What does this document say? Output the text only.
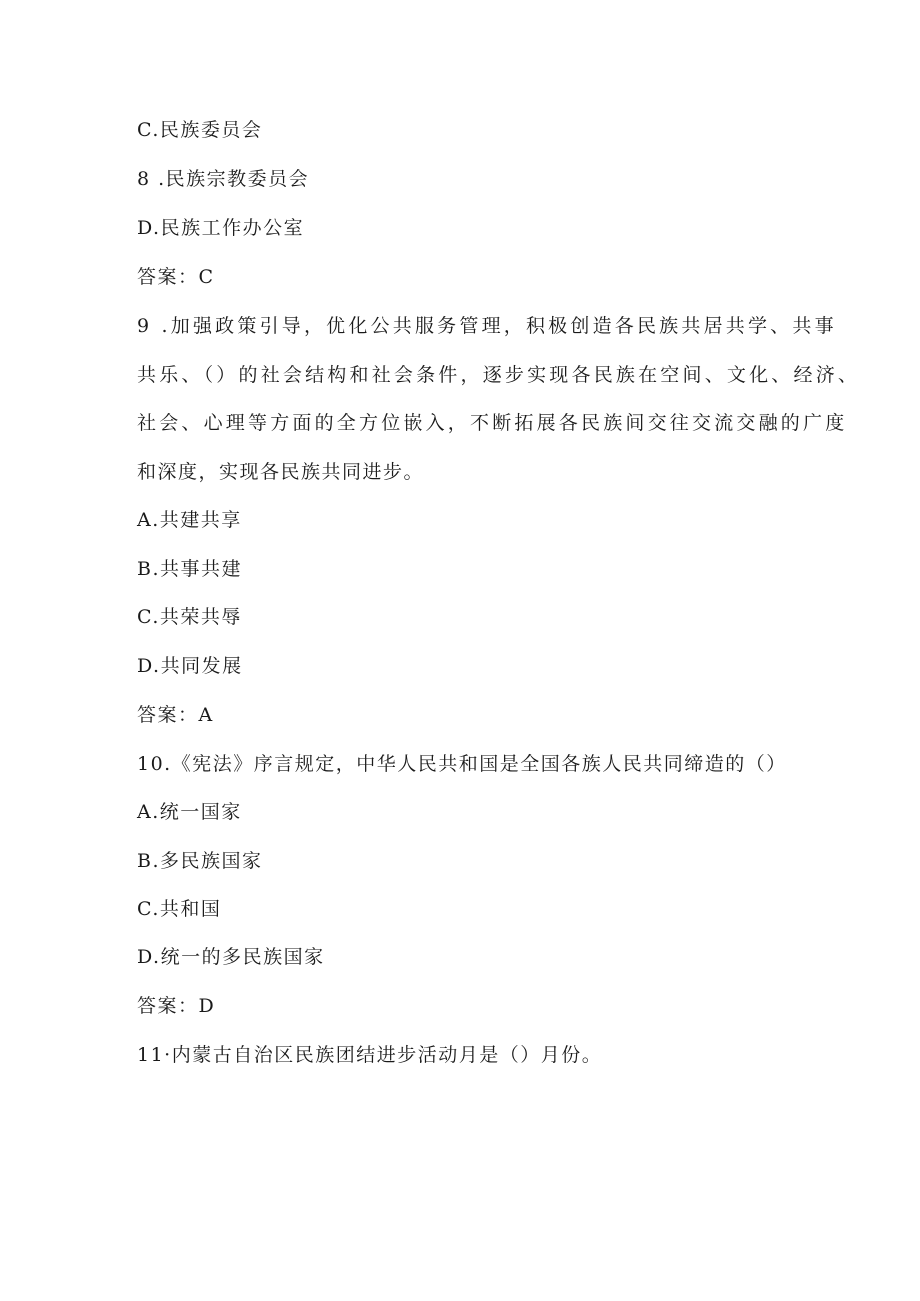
C.民族委员会

8 .民族宗教委员会

D.民族工作办公室

答案：C

9 .加强政策引导，优化公共服务管理，积极创造各民族共居共学、共事

共乐、（）的社会结构和社会条件，逐步实现各民族在空间、文化、经济、

社会、心理等方面的全方位嵌入，不断拓展各民族间交往交流交融的广度

和深度，实现各民族共同进步。

A.共建共享

B.共事共建

C.共荣共辱

D.共同发展

答案：A

10.《宪法》序言规定，中华人民共和国是全国各族人民共同缔造的（）

A.统一国家

B.多民族国家

C.共和国

D.统一的多民族国家

答案：D

11·内蒙古自治区民族团结进步活动月是（）月份。
